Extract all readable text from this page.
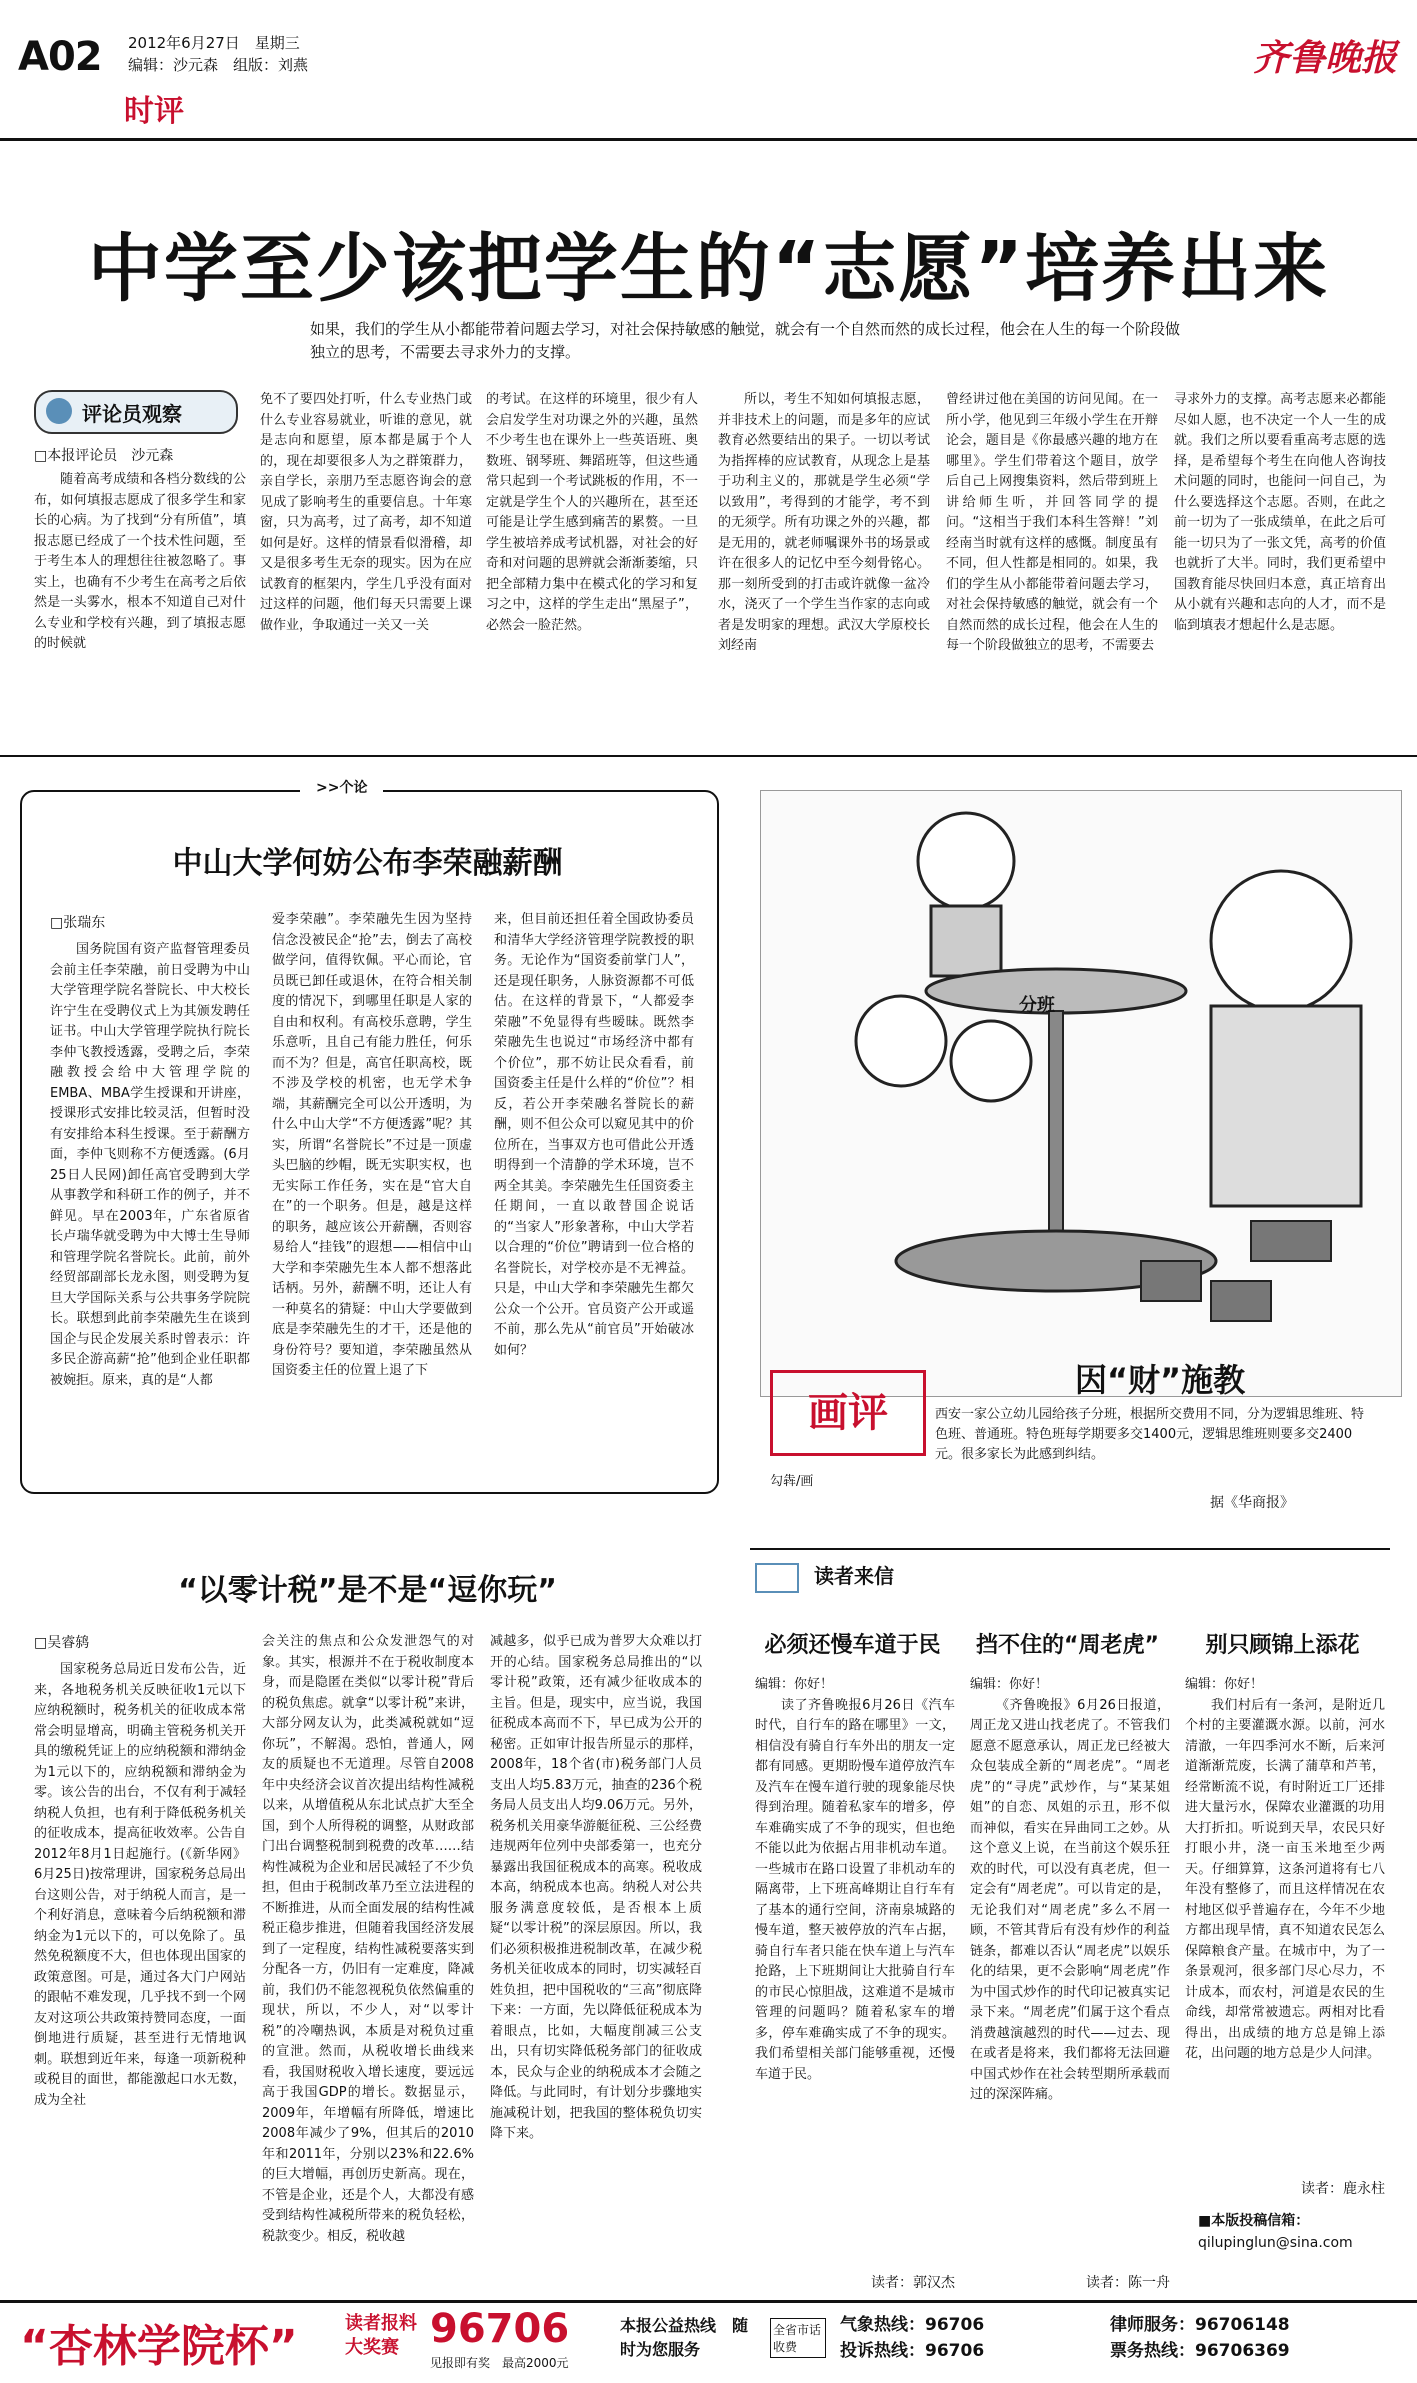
A02 2012年6月27日　星期三
编辑：沙元森　组版：刘燕
时评
齐鲁晚报
中学至少该把学生的“志愿”培养出来
如果，我们的学生从小都能带着问题去学习，对社会保持敏感的触觉，就会有一个自然而然的成长过程，他会在人生的每一个阶段做独立的思考，不需要去寻求外力的支撑。
评论员观察
□本报评论员　沙元森

随着高考成绩和各档分数线的公布，如何填报志愿成了很多学生和家长的心病。为了找到“分有所值”，填报志愿已经成了一个技术性问题，至于考生本人的理想往往被忽略了。事实上，也确有不少考生在高考之后依然是一头雾水，根本不知道自己对什么专业和学校有兴趣，到了填报志愿的时候就

免不了要四处打听，什么专业热门或什么专业容易就业，听谁的意见，就是志向和愿望，原本都是属于个人的，现在却要很多人为之群策群力，亲自学长，亲朋乃至志愿咨询会的意见成了影响考生的重要信息。十年寒窗，只为高考，过了高考，却不知道如何是好。这样的情景看似滑稽，却又是很多考生无奈的现实。因为在应试教育的框架内，学生几乎没有面对过这样的问题，他们每天只需要上课做作业，争取通过一关又一关

的考试。在这样的环境里，很少有人会启发学生对功课之外的兴趣，虽然不少考生也在课外上一些英语班、奥数班、钢琴班、舞蹈班等，但这些通常只起到一个考试跳板的作用，不一定就是学生个人的兴趣所在，甚至还可能是让学生感到痛苦的累赘。一旦学生被培养成考试机器，对社会的好奇和对问题的思辨就会渐渐萎缩，只把全部精力集中在模式化的学习和复习之中，这样的学生走出“黑屋子”，必然会一脸茫然。

所以，考生不知如何填报志愿，并非技术上的问题，而是多年的应试教育必然要结出的果子。一切以考试为指挥棒的应试教育，从现念上是基于功利主义的，那就是学生必须“学以致用”，考得到的才能学，考不到的无须学。所有功课之外的兴趣，都是无用的，就老师嘱课外书的场景或许在很多人的记忆中至今刻骨铭心。那一刻所受到的打击或许就像一盆冷水，浇灭了一个学生当作家的志向或者是发明家的理想。武汉大学原校长刘经南

曾经讲过他在美国的访问见闻。在一所小学，他见到三年级小学生在开辩论会，题目是《你最感兴趣的地方在哪里》。学生们带着这个题目，放学后自己上网搜集资料，然后带到班上讲给师生听，并回答同学的提问。“这相当于我们本科生答辩！”刘经南当时就有这样的感慨。制度虽有不同，但人性都是相同的。如果，我们的学生从小都能带着问题去学习，对社会保持敏感的触觉，就会有一个自然而然的成长过程，他会在人生的每一个阶段做独立的思考，不需要去

寻求外力的支撑。高考志愿来必都能尽如人愿，也不决定一个人一生的成就。我们之所以要看重高考志愿的选择，是希望每个考生在向他人咨询技术问题的同时，也能问一问自己，为什么要选择这个志愿。否则，在此之前一切为了一张成绩单，在此之后可能一切只为了一张文凭，高考的价值也就折了大半。同时，我们更希望中国教育能尽快回归本意，真正培育出从小就有兴趣和志向的人才，而不是临到填表才想起什么是志愿。

>>个论
中山大学何妨公布李荣融薪酬
□张瑞东

国务院国有资产监督管理委员会前主任李荣融，前日受聘为中山大学管理学院名誉院长、中大校长许宁生在受聘仪式上为其颁发聘任证书。中山大学管理学院执行院长李仲飞教授透露，受聘之后，李荣融教授会给中大管理学院的EMBA、MBA学生授课和开讲座，授课形式安排比较灵活，但暂时没有安排给本科生授课。至于薪酬方面，李仲飞则称不方便透露。(6月25日人民网)卸任高官受聘到大学从事教学和科研工作的例子，并不鲜见。早在2003年，广东省原省长卢瑞华就受聘为中大博士生导师和管理学院名誉院长。此前，前外经贸部副部长龙永图，则受聘为复旦大学国际关系与公共事务学院院长。联想到此前李荣融先生在谈到国企与民企发展关系时曾表示：许多民企游高薪“抢”他到企业任职都被婉拒。原来，真的是“人都

爱李荣融”。李荣融先生因为坚持信念没被民企“抢”去，倒去了高校做学问，值得钦佩。平心而论，官员既已卸任或退休，在符合相关制度的情况下，到哪里任职是人家的自由和权利。有高校乐意聘，学生乐意听，且自己有能力胜任，何乐而不为？但是，高官任职高校，既不涉及学校的机密，也无学术争端，其薪酬完全可以公开透明，为什么中山大学“不方便透露”呢？其实，所谓“名誉院长”不过是一顶虚头巴脑的纱帽，既无实职实权，也无实际工作任务，实在是“官大自在”的一个职务。但是，越是这样的职务，越应该公开薪酬，否则容易给人“挂钱”的遐想——相信中山大学和李荣融先生本人都不想落此话柄。另外，薪酬不明，还让人有一种莫名的猜疑：中山大学要做到底是李荣融先生的才干，还是他的身份符号？要知道，李荣融虽然从国资委主任的位置上退了下

来，但目前还担任着全国政协委员和清华大学经济管理学院教授的职务。无论作为“国资委前掌门人”，还是现任职务，人脉资源都不可低估。在这样的背景下，“人都爱李荣融”不免显得有些暧昧。既然李荣融先生也说过“市场经济中都有个价位”，那不妨让民众看看，前国资委主任是什么样的“价位”？相反，若公开李荣融名誉院长的薪酬，则不但公众可以窥见其中的价位所在，当事双方也可借此公开透明得到一个清静的学术环境，岂不两全其美。李荣融先生任国资委主任期间，一直以敢替国企说话的“当家人”形象著称，中山大学若以合理的“价位”聘请到一位合格的名誉院长，对学校亦是不无裨益。只是，中山大学和李荣融先生都欠公众一个公开。官员资产公开或遥不前，那么先从“前官员”开始破冰如何？

分班
画评
因“财”施教
西安一家公立幼儿园给孩子分班，根据所交费用不同，分为逻辑思维班、特色班、普通班。特色班每学期要多交1400元，逻辑思维班则要多交2400元。很多家长为此感到纠结。
勾犇/画
据《华商报》
“以零计税”是不是“逗你玩”
□吴睿鸫

国家税务总局近日发布公告，近来，各地税务机关反映征收1元以下应纳税额时，税务机关的征收成本常常会明显增高，明确主管税务机关开具的缴税凭证上的应纳税额和滞纳金为1元以下的，应纳税额和滞纳金为零。该公告的出台，不仅有利于减轻纳税人负担，也有利于降低税务机关的征收成本，提高征收效率。公告自2012年8月1日起施行。(《新华网》6月25日)按常理讲，国家税务总局出台这则公告，对于纳税人而言，是一个利好消息，意味着今后纳税额和滞纳金为1元以下的，可以免除了。虽然免税额度不大，但也体现出国家的政策意图。可是，通过各大门户网站的跟帖不难发现，几乎找不到一个网友对这项公共政策持赞同态度，一面倒地进行质疑，甚至进行无情地讽刺。联想到近年来，每逢一项新税种或税目的面世，都能激起口水无数，成为全社

会关注的焦点和公众发泄怨气的对象。其实，根源并不在于税收制度本身，而是隐匿在类似“以零计税”背后的税负焦虑。就拿“以零计税”来讲，大部分网友认为，此类减税就如“逗你玩”，不解渴。恐怕，普通人，网友的质疑也不无道理。尽管自2008年中央经济会议首次提出结构性减税以来，从增值税从东北试点扩大至全国，到个人所得税的调整，从财政部门出台调整税制到税费的改革……结构性减税为企业和居民减轻了不少负担，但由于税制改革乃至立法进程的不断推进，从而全面发展的结构性减税正稳步推进，但随着我国经济发展到了一定程度，结构性减税要落实到分配各一方，仍旧有一定难度，降减前，我们仍不能忽视税负依然偏重的现状，所以，不少人，对“以零计税”的冷嘲热讽，本质是对税负过重的宣泄。然而，从税收增长曲线来看，我国财税收入增长速度，要远远高于我国GDP的增长。数据显示，2009年，年增幅有所降低，增速比2008年减少了9%，但其后的2010年和2011年，分别以23%和22.6%的巨大增幅，再创历史新高。现在，不管是企业，还是个人，大都没有感受到结构性减税所带来的税负轻松，税款变少。相反，税收越

减越多，似乎已成为普罗大众难以打开的心结。国家税务总局推出的“以零计税”政策，还有减少征收成本的主旨。但是，现实中，应当说，我国征税成本高而不下，早已成为公开的秘密。正如审计报告所显示的那样，2008年，18个省(市)税务部门人员支出人均5.83万元，抽查的236个税务局人员支出人均9.06万元。另外，税务机关用豪华游艇征税、三公经费违规两年位列中央部委第一，也充分暴露出我国征税成本的高寒。税收成本高，纳税成本也高。纳税人对公共服务满意度较低，是否根本上质疑“以零计税”的深层原因。所以，我们必须积极推进税制改革，在减少税务机关征收成本的同时，切实减轻百姓负担，把中国税收的“三高”彻底降下来：一方面，先以降低征税成本为着眼点，比如，大幅度削减三公支出，只有切实降低税务部门的征收成本，民众与企业的纳税成本才会随之降低。与此同时，有计划分步骤地实施减税计划，把我国的整体税负切实降下来。

读者来信
必须还慢车道于民	挡不住的“周老虎”	别只顾锦上添花
编辑：你好！

读了齐鲁晚报6月26日《汽车时代，自行车的路在哪里》一文，相信没有骑自行车外出的朋友一定都有同感。更期盼慢车道停放汽车及汽车在慢车道行驶的现象能尽快得到治理。随着私家车的增多，停车难确实成了不争的现实，但也绝不能以此为依据占用非机动车道。一些城市在路口设置了非机动车的隔离带，上下班高峰期让自行车有了基本的通行空间，济南泉城路的慢车道，整天被停放的汽车占据，骑自行车者只能在快车道上与汽车抢路，上下班期间让大批骑自行车的市民心惊胆战，这难道不是城市管理的问题吗？随着私家车的增多，停车难确实成了不争的现实。我们希望相关部门能够重视，还慢车道于民。

读者：郭汉杰
编辑：你好！

《齐鲁晚报》6月26日报道，周正龙又进山找老虎了。不管我们愿意不愿意承认，周正龙已经被大众包装成全新的“周老虎”。“周老虎”的“寻虎”武炒作，与“某某姐姐”的自恋、凤姐的示丑，形不似而神似，看实在异曲同工之妙。从这个意义上说，在当前这个娱乐狂欢的时代，可以没有真老虎，但一定会有“周老虎”。可以肯定的是，无论我们对“周老虎”多么不屑一顾，不管其背后有没有炒作的利益链条，都难以否认“周老虎”以娱乐化的结果，更不会影响“周老虎”作为中国式炒作的时代印记被真实记录下来。“周老虎”们属于这个看点消费越演越烈的时代——过去、现在或者是将来，我们都将无法回避中国式炒作在社会转型期所承载而过的深深阵痛。

读者：陈一舟
编辑：你好！

我们村后有一条河，是附近几个村的主要灌溉水源。以前，河水清澈，一年四季河水不断，后来河道渐渐荒废，长满了蒲草和芦苇，经常断流不说，有时附近工厂还排进大量污水，保障农业灌溉的功用大打折扣。听说到天旱，农民只好打眼小井，浇一亩玉米地至少两天。仔细算算，这条河道将有七八年没有整修了，而且这样情况在农村地区似乎普遍存在，今年不少地方都出现旱情，真不知道农民怎么保障粮食产量。在城市中，为了一条景观河，很多部门尽心尽力，不计成本，而农村，河道是农民的生命线，却常常被遗忘。两相对比看得出，出成绩的地方总是锦上添花，出问题的地方总是少人问津。

读者：鹿永柱
■本版投稿信箱：
qilupinglun@sina.com
“杏林学院杯”	读者报料大奖赛 96706
见报即有奖　最高2000元
本报公益热线　随时为您服务
全省市话收费
气象热线：96706
投诉热线：96706
律师服务：96706148
票务热线：96706369
